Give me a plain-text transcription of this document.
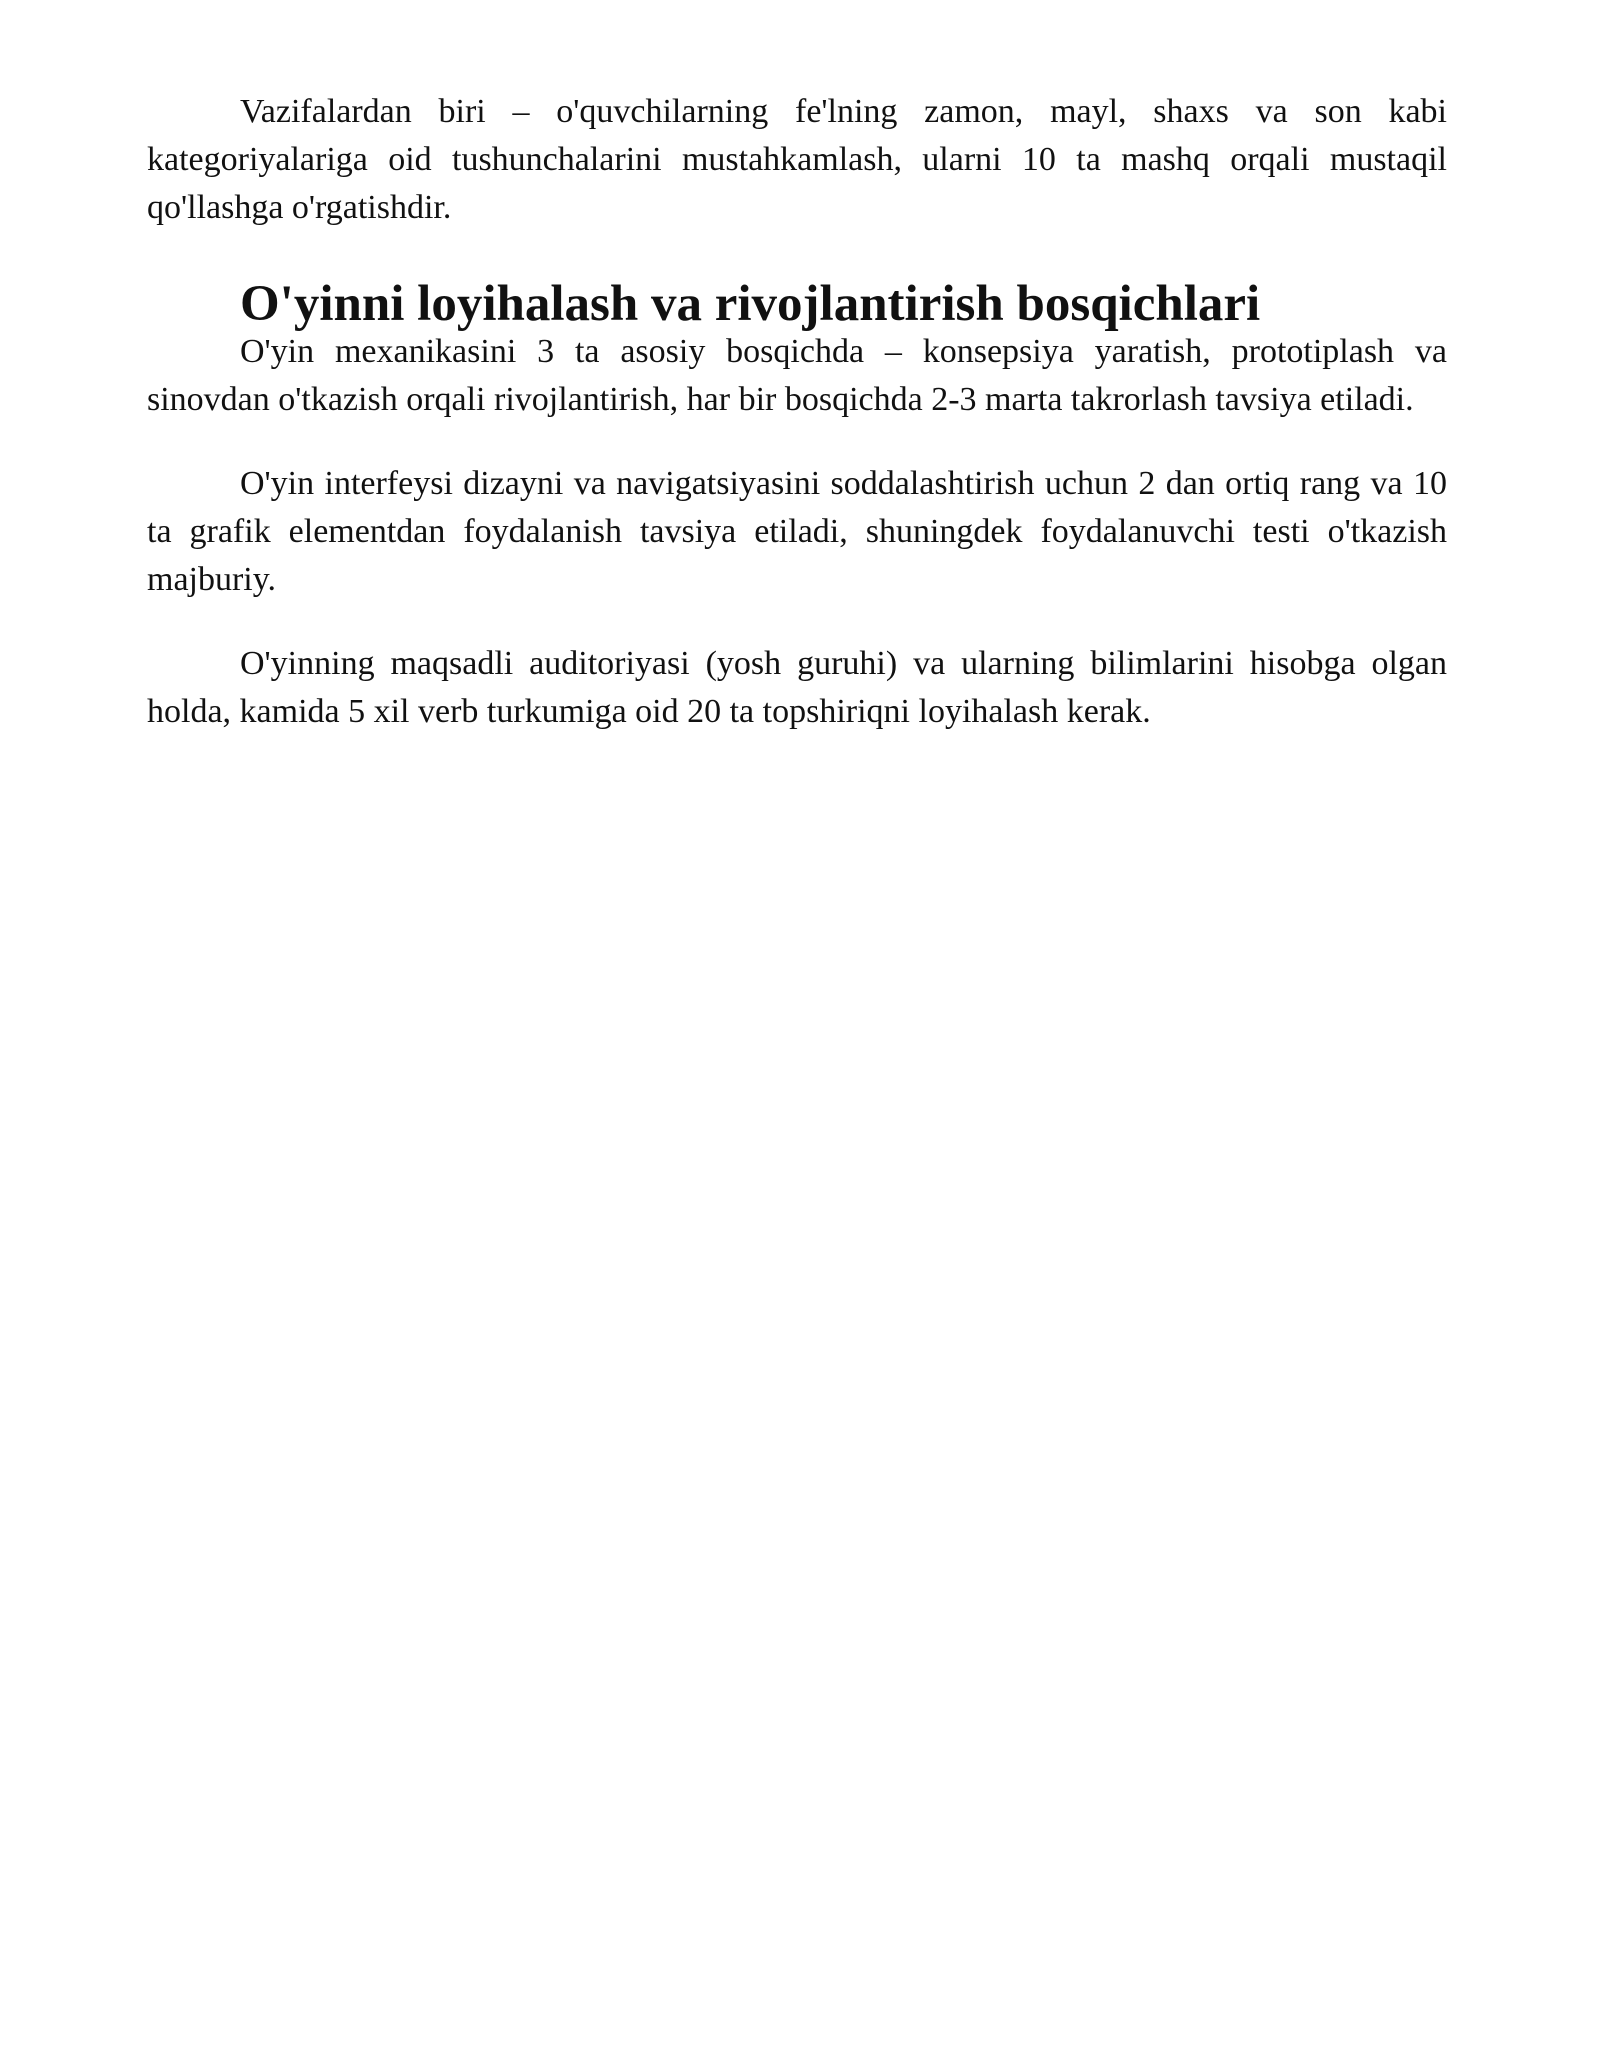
Vazifalardan biri – o'quvchilarning fe'lning zamon, mayl, shaxs va son kabi kategoriyalariga oid tushunchalarini mustahkamlash, ularni 10 ta mashq orqali mustaqil qo'llashga o'rgatishdir.

O'yinni loyihalash va rivojlantirish bosqichlari

O'yin mexanikasini 3 ta asosiy bosqichda – konsepsiya yaratish, prototiplash va sinovdan o'tkazish orqali rivojlantirish, har bir bosqichda 2-3 marta takrorlash tavsiya etiladi.

O'yin interfeysi dizayni va navigatsiyasini soddalashtirish uchun 2 dan ortiq rang va 10 ta grafik elementdan foydalanish tavsiya etiladi, shuningdek foydalanuvchi testi o'tkazish majburiy.

O'yinning maqsadli auditoriyasi (yosh guruhi) va ularning bilimlarini hisobga olgan holda, kamida 5 xil verb turkumiga oid 20 ta topshiriqni loyihalash kerak.
